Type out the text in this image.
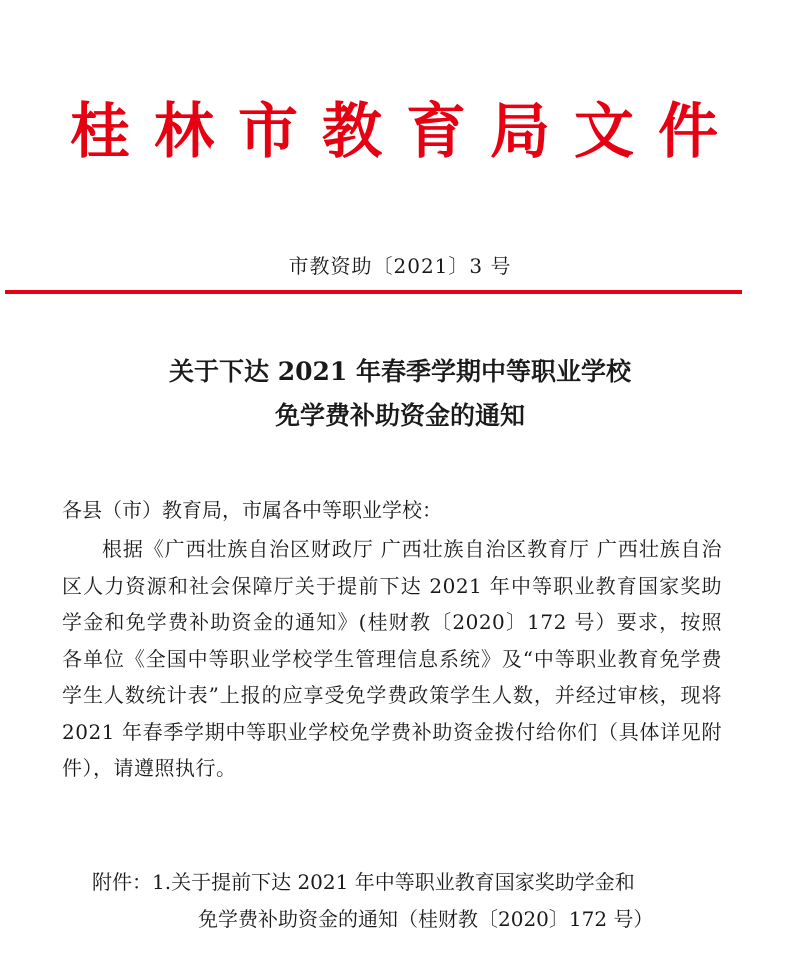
桂林市教育局文件
市教资助〔2021〕3 号
关于下达 2021 年春季学期中等职业学校
免学费补助资金的通知
各县（市）教育局，市属各中等职业学校：
根据《广西壮族自治区财政厅 广西壮族自治区教育厅 广西壮族自治区人力资源和社会保障厅关于提前下达 2021 年中等职业教育国家奖助学金和免学费补助资金的通知》(桂财教〔2020〕172 号）要求，按照各单位《全国中等职业学校学生管理信息系统》及“中等职业教育免学费学生人数统计表”上报的应享受免学费政策学生人数，并经过审核，现将 2021 年春季学期中等职业学校免学费补助资金拨付给你们（具体详见附件），请遵照执行。
附件：1.关于提前下达 2021 年中等职业教育国家奖助学金和
免学费补助资金的通知（桂财教〔2020〕172 号）
